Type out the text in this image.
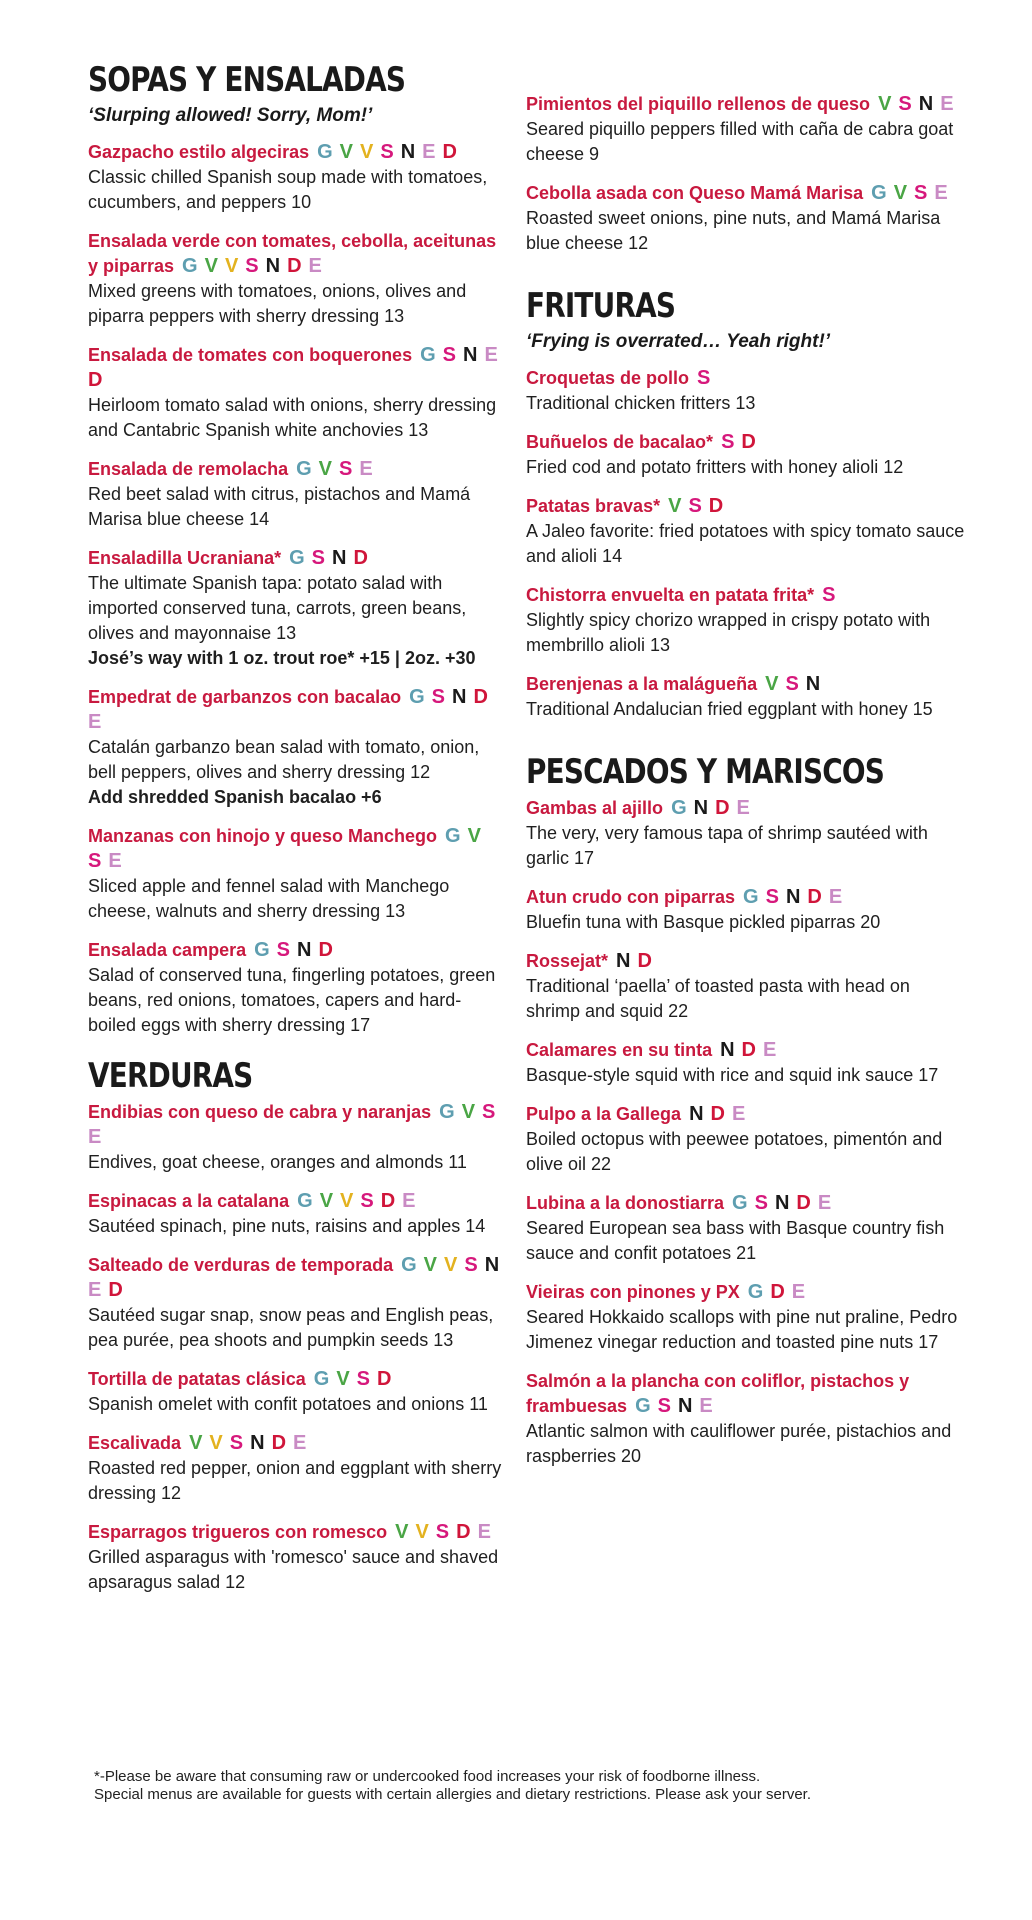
SOPAS Y ENSALADAS
‘Slurping allowed! Sorry, Mom!’
Gazpacho estilo algeciras G V V S N E D
Classic chilled Spanish soup made with tomatoes, cucumbers, and peppers 10
Ensalada verde con tomates, cebolla, aceitunas y piparras G V V S N D E
Mixed greens with tomatoes, onions, olives and piparra peppers with sherry dressing 13
Ensalada de tomates con boquerones G S N ED
Heirloom tomato salad with onions, sherry dressing and Cantabric Spanish white anchovies 13
Ensalada de remolacha G V S E
Red beet salad with citrus, pistachos and Mamá Marisa blue cheese 14
Ensaladilla Ucraniana* G S N D
The ultimate Spanish tapa: potato salad with imported conserved tuna, carrots, green beans, olives and mayonnaise 13
José’s way with 1 oz. trout roe* +15 | 2oz. +30
Empedrat de garbanzos con bacalao G S N DE
Catalán garbanzo bean salad with tomato, onion, bell peppers, olives and sherry dressing 12
Add shredded Spanish bacalao +6
Manzanas con hinojo y queso Manchego G VS E
Sliced apple and fennel salad with Manchego cheese, walnuts and sherry dressing 13
Ensalada campera G S N D
Salad of conserved tuna, fingerling potatoes, green beans, red onions, tomatoes, capers and hard-boiled eggs with sherry dressing 17
VERDURAS
Endibias con queso de cabra y naranjas G V SE
Endives, goat cheese, oranges and almonds 11
Espinacas a la catalana G V V S D E
Sautéed spinach, pine nuts, raisins and apples 14
Salteado de verduras de temporada G V V S NE D
Sautéed sugar snap, snow peas and English peas, pea purée, pea shoots and pumpkin seeds 13
Tortilla de patatas clásica G V S D
Spanish omelet with confit potatoes and onions 11
Escalivada V V S N D E
Roasted red pepper, onion and eggplant with sherry dressing 12
Esparragos trigueros con romesco V V S D E
Grilled asparagus with 'romesco' sauce and shaved apsaragus salad 12
Pimientos del piquillo rellenos de queso V S N E
Seared piquillo peppers filled with caña de cabra goat cheese 9
Cebolla asada con Queso Mamá Marisa G V S E
Roasted sweet onions, pine nuts, and Mamá Marisa blue cheese 12
FRITURAS
‘Frying is overrated… Yeah right!’
Croquetas de pollo S
Traditional chicken fritters 13
Buñuelos de bacalao* S D
Fried cod and potato fritters with honey alioli 12
Patatas bravas* V S D
A Jaleo favorite: fried potatoes with spicy tomato sauce and alioli 14
Chistorra envuelta en patata frita* S
Slightly spicy chorizo wrapped in crispy potato with membrillo alioli 13
Berenjenas a la malágueña V S N
Traditional Andalucian fried eggplant with honey 15
PESCADOS Y MARISCOS
Gambas al ajillo G N D E
The very, very famous tapa of shrimp sautéed with garlic 17
Atun crudo con piparras G S N D E
Bluefin tuna with Basque pickled piparras 20
Rossejat* N D
Traditional ‘paella’ of toasted pasta with head on shrimp and squid 22
Calamares en su tinta N D E
Basque-style squid with rice and squid ink sauce 17
Pulpo a la Gallega N D E
Boiled octopus with peewee potatoes, pimentón and olive oil 22
Lubina a la donostiarra G S N D E
Seared European sea bass with Basque country fish sauce and confit potatoes 21
Vieiras con pinones y PX G D E
Seared Hokkaido scallops with pine nut praline, Pedro Jimenez vinegar reduction and toasted pine nuts 17
Salmón a la plancha con coliflor, pistachos y frambuesas G S N E
Atlantic salmon with cauliflower purée, pistachios and raspberries 20
*-Please be aware that consuming raw or undercooked food increases your risk of foodborne illness.
Special menus are available for guests with certain allergies and dietary restrictions. Please ask your server.
